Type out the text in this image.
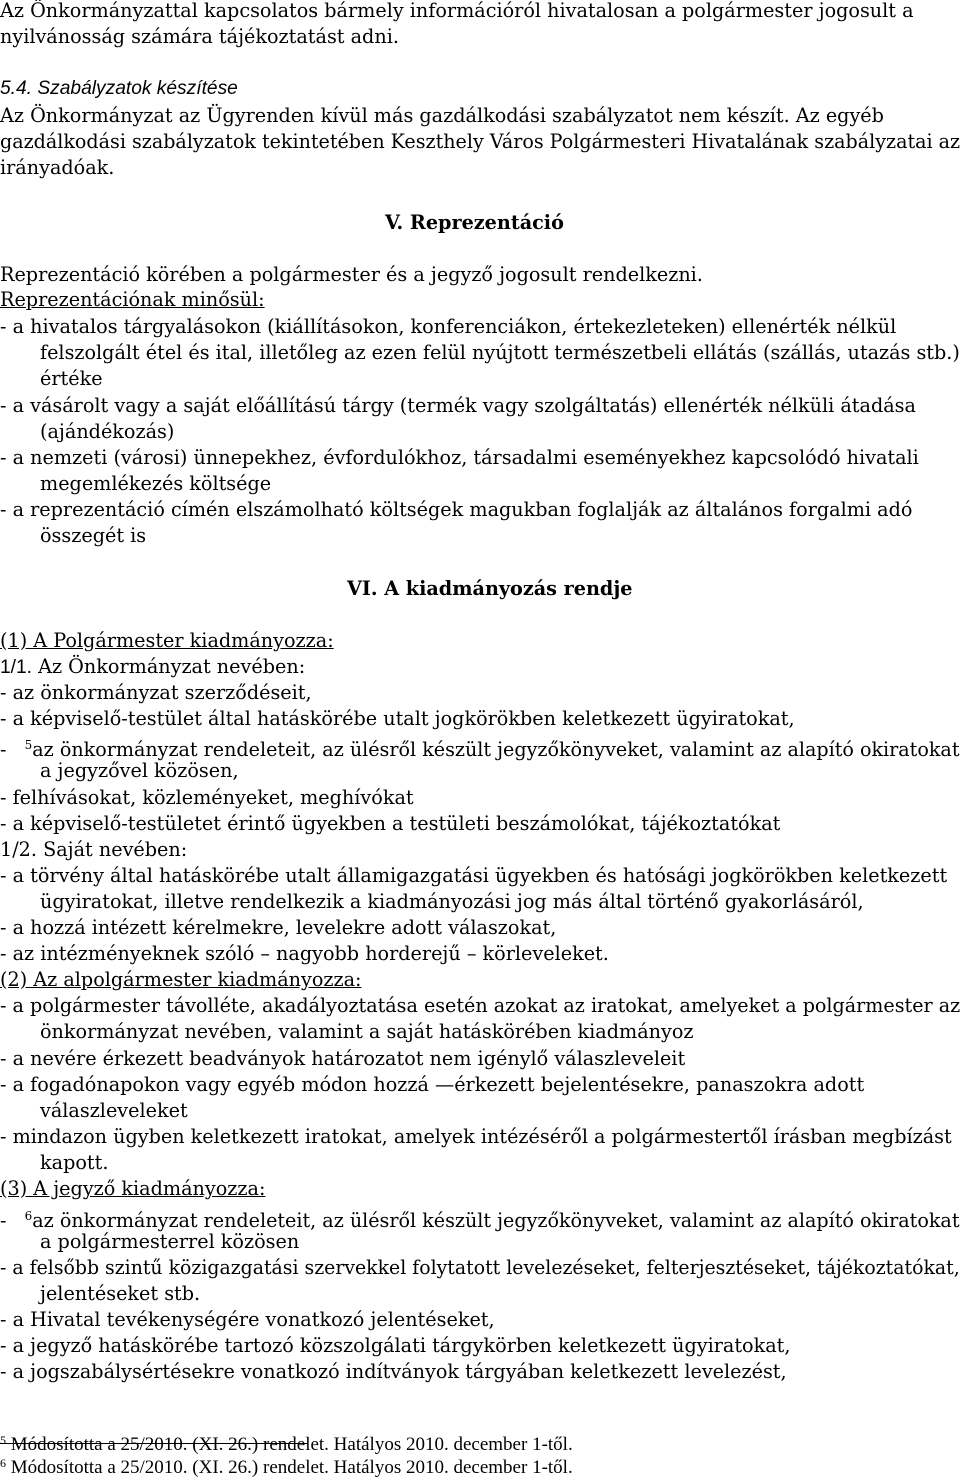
Az Önkormányzattal kapcsolatos bármely információról hivatalosan a polgármester jogosult a
nyilvánosság számára tájékoztatást adni.
5.4. Szabályzatok készítése
Az Önkormányzat az Ügyrenden kívül más gazdálkodási szabályzatot nem készít. Az egyéb
gazdálkodási szabályzatok tekintetében Keszthely Város Polgármesteri Hivatalának szabályzatai az
irányadóak.
V. Reprezentáció
Reprezentáció körében a polgármester és a jegyző jogosult rendelkezni.
Reprezentációnak minősül:
- a hivatalos tárgyalásokon (kiállításokon, konferenciákon, értekezleteken) ellenérték nélkül
felszolgált étel és ital, illetőleg az ezen felül nyújtott természetbeli ellátás (szállás, utazás stb.)
értéke
- a vásárolt vagy a saját előállítású tárgy (termék vagy szolgáltatás) ellenérték nélküli átadása
(ajándékozás)
- a nemzeti (városi) ünnepekhez, évfordulókhoz, társadalmi eseményekhez kapcsolódó hivatali
megemlékezés költsége
- a reprezentáció címén elszámolható költségek magukban foglalják az általános forgalmi adó
összegét is
VI. A kiadmányozás rendje
(1) A Polgármester kiadmányozza:
1/1. Az Önkormányzat nevében:
- az önkormányzat szerződéseit,
- a képviselő-testület által hatáskörébe utalt jogkörökben keletkezett ügyiratokat,
-   $^5$az önkormányzat rendeleteit, az ülésről készült jegyzőkönyveket, valamint az alapító okiratokat
a jegyzővel közösen,
- felhívásokat, közleményeket, meghívókat
- a képviselő-testületet érintő ügyekben a testületi beszámolókat, tájékoztatókat
1/2. Saját nevében:
- a törvény által hatáskörébe utalt államigazgatási ügyekben és hatósági jogkörökben keletkezett
ügyiratokat, illetve rendelkezik a kiadmányozási jog más által történő gyakorlásáról,
- a hozzá intézett kérelmekre, levelekre adott válaszokat,
- az intézményeknek szóló – nagyobb horderejű – körleveleket.
(2) Az alpolgármester kiadmányozza:
- a polgármester távolléte, akadályoztatása esetén azokat az iratokat, amelyeket a polgármester az
önkormányzat nevében, valamint a saját hatáskörében kiadmányoz
- a nevére érkezett beadványok határozatot nem igénylő válaszleveleit
- a fogadónapokon vagy egyéb módon hozzá —érkezett bejelentésekre, panaszokra adott
válaszleveleket
- mindazon ügyben keletkezett iratokat, amelyek intézéséről a polgármestertől írásban megbízást
kapott.
(3) A jegyző kiadmányozza:
-   $^6$az önkormányzat rendeleteit, az ülésről készült jegyzőkönyveket, valamint az alapító okiratokat
a polgármesterrel közösen
- a felsőbb szintű közigazgatási szervekkel folytatott levelezéseket, felterjesztéseket, tájékoztatókat,
jelentéseket stb.
- a Hivatal tevékenységére vonatkozó jelentéseket,
- a jegyző hatáskörébe tartozó közszolgálati tárgykörben keletkezett ügyiratokat,
- a jogszabálysértésekre vonatkozó indítványok tárgyában keletkezett levelezést,
$^5$ Módosította a 25/2010. (XI. 26.) rendelet. Hatályos 2010. december 1-től.
$^6$ Módosította a 25/2010. (XI. 26.) rendelet. Hatályos 2010. december 1-től.
